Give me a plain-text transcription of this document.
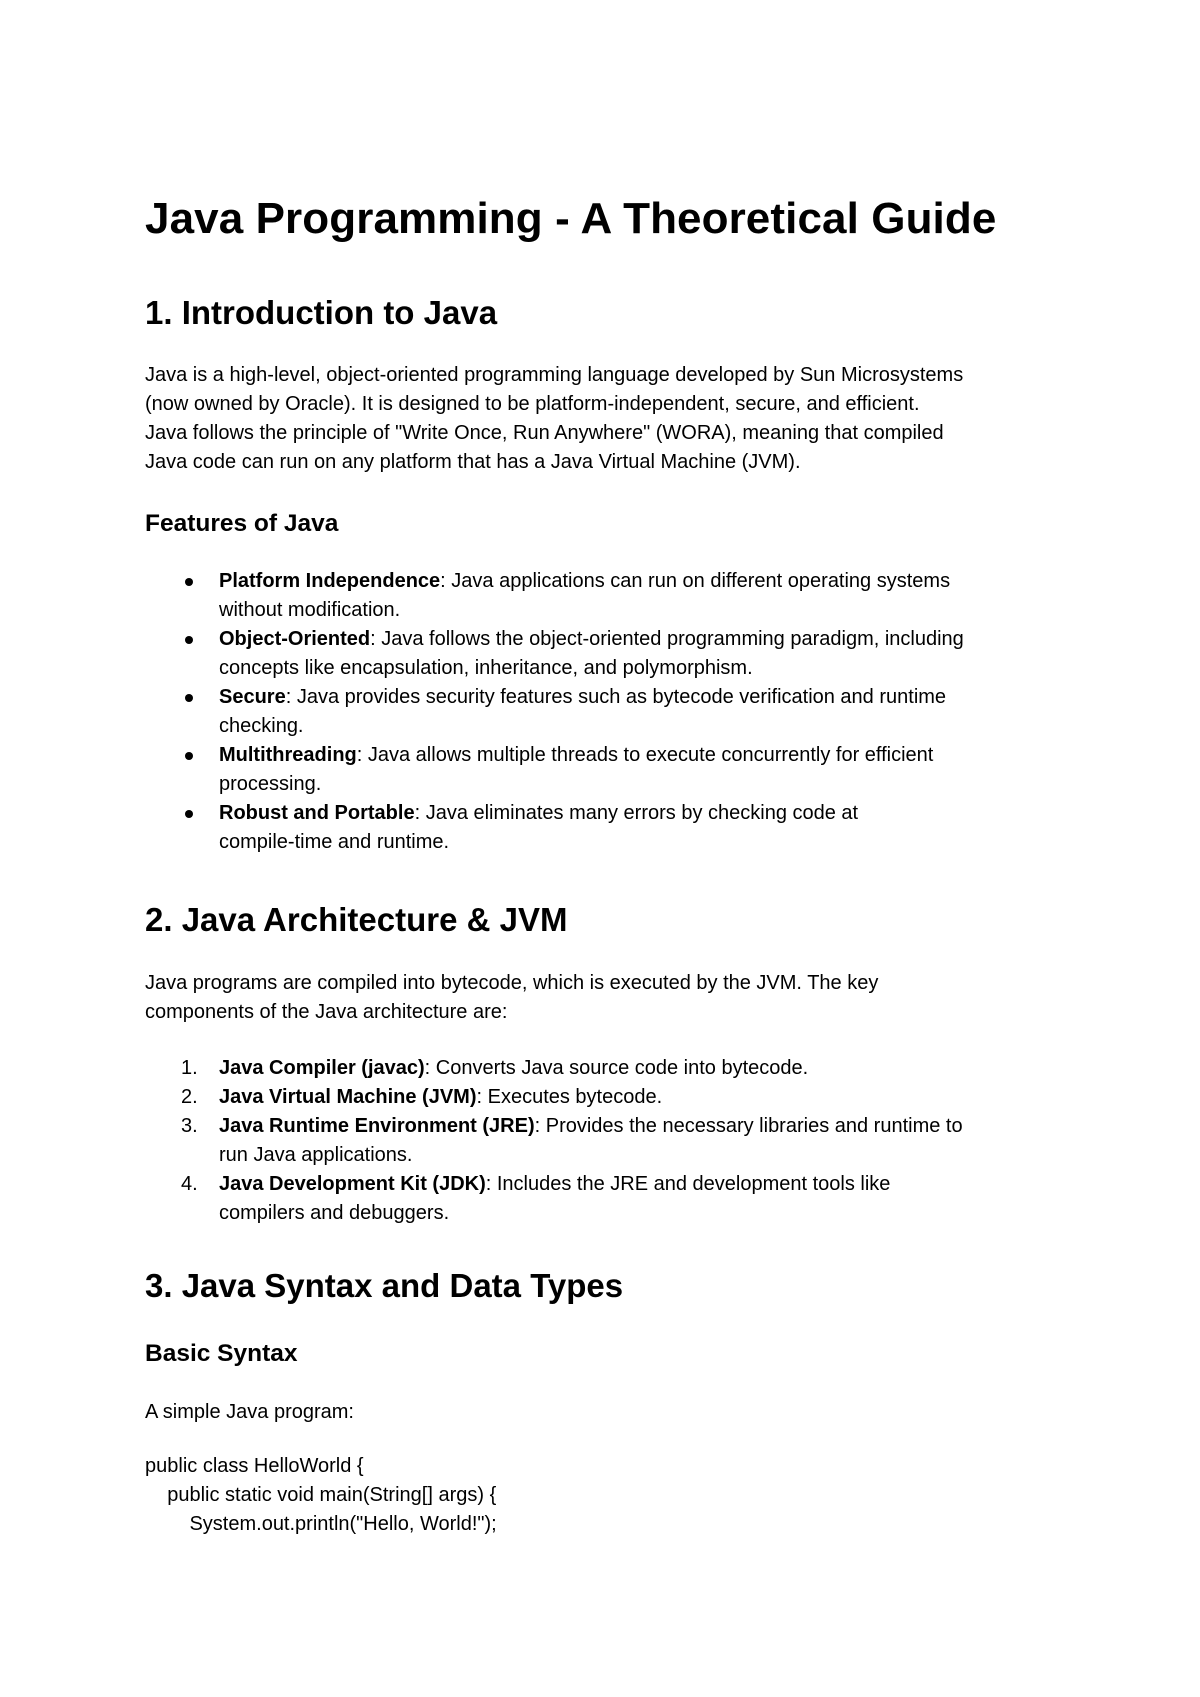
Java Programming - A Theoretical Guide
1. Introduction to Java

Java is a high-level, object-oriented programming language developed by Sun Microsystems
(now owned by Oracle). It is designed to be platform-independent, secure, and efficient.
Java follows the principle of "Write Once, Run Anywhere" (WORA), meaning that compiled
Java code can run on any platform that has a Java Virtual Machine (JVM).

Features of Java
Platform Independence: Java applications can run on different operating systems
without modification.
Object-Oriented: Java follows the object-oriented programming paradigm, including
concepts like encapsulation, inheritance, and polymorphism.
Secure: Java provides security features such as bytecode verification and runtime
checking.
Multithreading: Java allows multiple threads to execute concurrently for efficient
processing.
Robust and Portable: Java eliminates many errors by checking code at
compile-time and runtime.
2. Java Architecture & JVM

Java programs are compiled into bytecode, which is executed by the JVM. The key
components of the Java architecture are:

1.	Java Compiler (javac): Converts Java source code into bytecode.
2.	Java Virtual Machine (JVM): Executes bytecode.
3.	Java Runtime Environment (JRE): Provides the necessary libraries and runtime to
run Java applications.
4.	Java Development Kit (JDK): Includes the JRE and development tools like
compilers and debuggers.
3. Java Syntax and Data Types
Basic Syntax

A simple Java program:

public class HelloWorld {
public static void main(String[] args) {
System.out.println("Hello, World!");
